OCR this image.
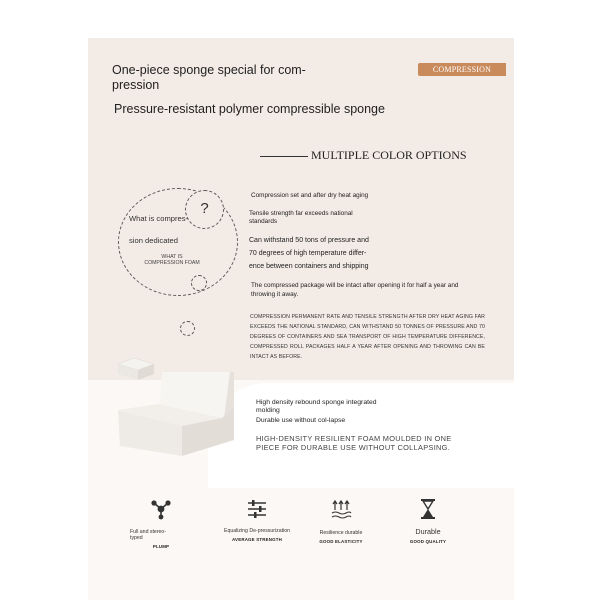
One-piece sponge special for com-
pression
Pressure-resistant polymer compressible sponge
COMPRESSION
MULTIPLE COLOR OPTIONS
?
What is compres-
sion dedicated
WHAT IS COMPRESSION FOAM
Compression set and after dry heat aging
Tensile strength far exceeds national standards
Can withstand 50 tons of pressure and
70 degrees of high temperature differ-
ence between containers and shipping
The compressed package will be intact after opening it for half a year and throwing it away.
COMPRESSION PERMANENT RATE AND TENSILE STRENGTH AFTER DRY HEAT AGING FAR EXCEEDS THE NATIONAL STANDARD, CAN WITHSTAND 50 TONNES OF PRESSURE AND 70 DEGREES OF CONTAINERS AND SEA TRANSPORT OF HIGH TEMPERATURE DIFFERENCE, COMPRESSED ROLL PACKAGES HALF A YEAR AFTER OPENING AND THROWING CAN BE INTACT AS BEFORE.
High density rebound sponge integrated molding
Durable use without col-lapse
HIGH-DENSITY RESILIENT FOAM MOULDED IN ONE PIECE FOR DURABLE USE WITHOUT COLLAPSING.
Full and stereo-typed
PLUMP
Equalizing De-pressurization
AVERAGE STRENGTH
Resilience durable
GOOD ELASTICITY
Durable
GOOD QUALITY
